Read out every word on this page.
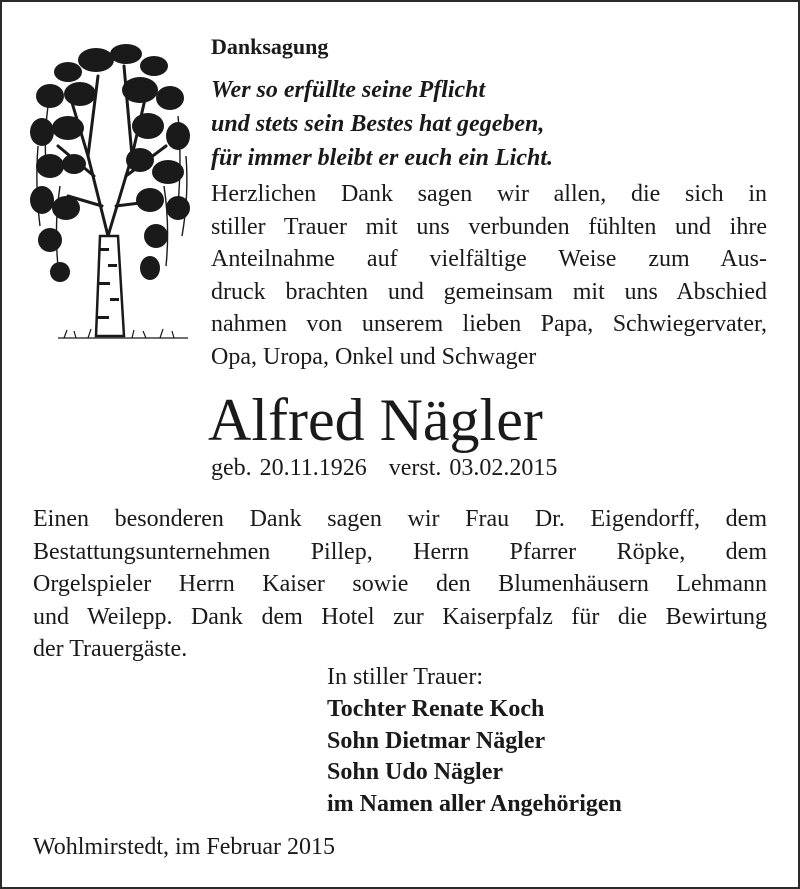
Danksagung
Wer so erfüllte seine Pflicht
und stets sein Bestes hat gegeben,
für immer bleibt er euch ein Licht.
Herzlichen Dank sagen wir allen, die sich in
stiller Trauer mit uns verbunden fühlten und ihre
Anteilnahme auf vielfältige Weise zum Aus-
druck brachten und gemeinsam mit uns Abschied
nahmen von unserem lieben Papa, Schwiegervater,
Opa, Uropa, Onkel und Schwager
Alfred Nägler
geb. 20.11.1926 verst. 03.02.2015
Einen besonderen Dank sagen wir Frau Dr. Eigendorff, dem
Bestattungsunternehmen Pillep, Herrn Pfarrer Röpke, dem
Orgelspieler Herrn Kaiser sowie den Blumenhäusern Lehmann
und Weilepp. Dank dem Hotel zur Kaiserpfalz für die Bewirtung
der Trauergäste.
In stiller Trauer:
Tochter Renate Koch
Sohn Dietmar Nägler
Sohn Udo Nägler
im Namen aller Angehörigen
Wohlmirstedt, im Februar 2015
